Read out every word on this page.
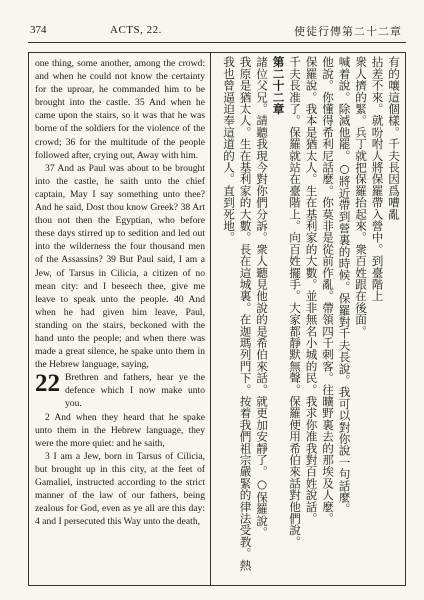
374	ACTS, 22.	使徒行傳第二十二章

one thing, some another, among the crowd: and when he could not know the certainty for the uproar, he commanded him to be brought into the castle. 35 And when he came upon the stairs, so it was that he was borne of the soldiers for the violence of the crowd; 36 for the multitude of the people followed after, crying out, Away with him.

37 And as Paul was about to be brought into the castle, he saith unto the chief captain, May I say something unto thee? And he said, Dost thou know Greek? 38 Art thou not then the Egyptian, who before these days stirred up to sedition and led out into the wilderness the four thousand men of the Assassins? 39 But Paul said, I am a Jew, of Tarsus in Cilicia, a citizen of no mean city: and I beseech thee, give me leave to speak unto the people. 40 And when he had given him leave, Paul, standing on the stairs, beckoned with the hand unto the people; and when there was made a great silence, he spake unto them in the Hebrew language, saying,

22 Brethren and fathers, hear ye the defence which I now make unto you.

2 And when they heard that he spake unto them in the Hebrew language, they were the more quiet: and he saith,

3 I am a Jew, born in Tarsus of Cilicia, but brought up in this city, at the feet of Gamaliel, instructed according to the strict manner of the law of our fathers, being zealous for God, even as ye all are this day: 4 and I persecuted this Way unto the death,

有的嚷這個樣。千夫長因爲嘈亂
拈差不來。就吩咐人將保羅帶入營中。到臺階上
衆人擠的緊。兵丁就把保羅抬起來。衆百姓跟在後面。
喊着說。除滅他罷。○將近帶到營裏的時候。保羅對千夫長說。我可以對你說一句話麼。
他說。你懂得希利尼話麼。你莫非是從前作亂。帶領四千刺客。往曠野裏去的那埃及人麼。
保羅說。我本是猶太人。生在基利家的大數。並非無名小城的民。我求你准我對百姓說話。
千夫長准了。保羅就站在臺階上。向百姓擺手。大家都靜默無聲。保羅便用希伯來話對他們說。
第二十二章
諸位父兄。請聽我現今對你們分訴。衆人聽見他說的是希伯來話。就更加安靜了。○保羅說。
我原是猶太人。生在基利家的大數。長在這城裏。在迦瑪列門下。按着我們祖宗嚴緊的律法受教。熱
我也曾逼迫奉這道的人。直到死地。
